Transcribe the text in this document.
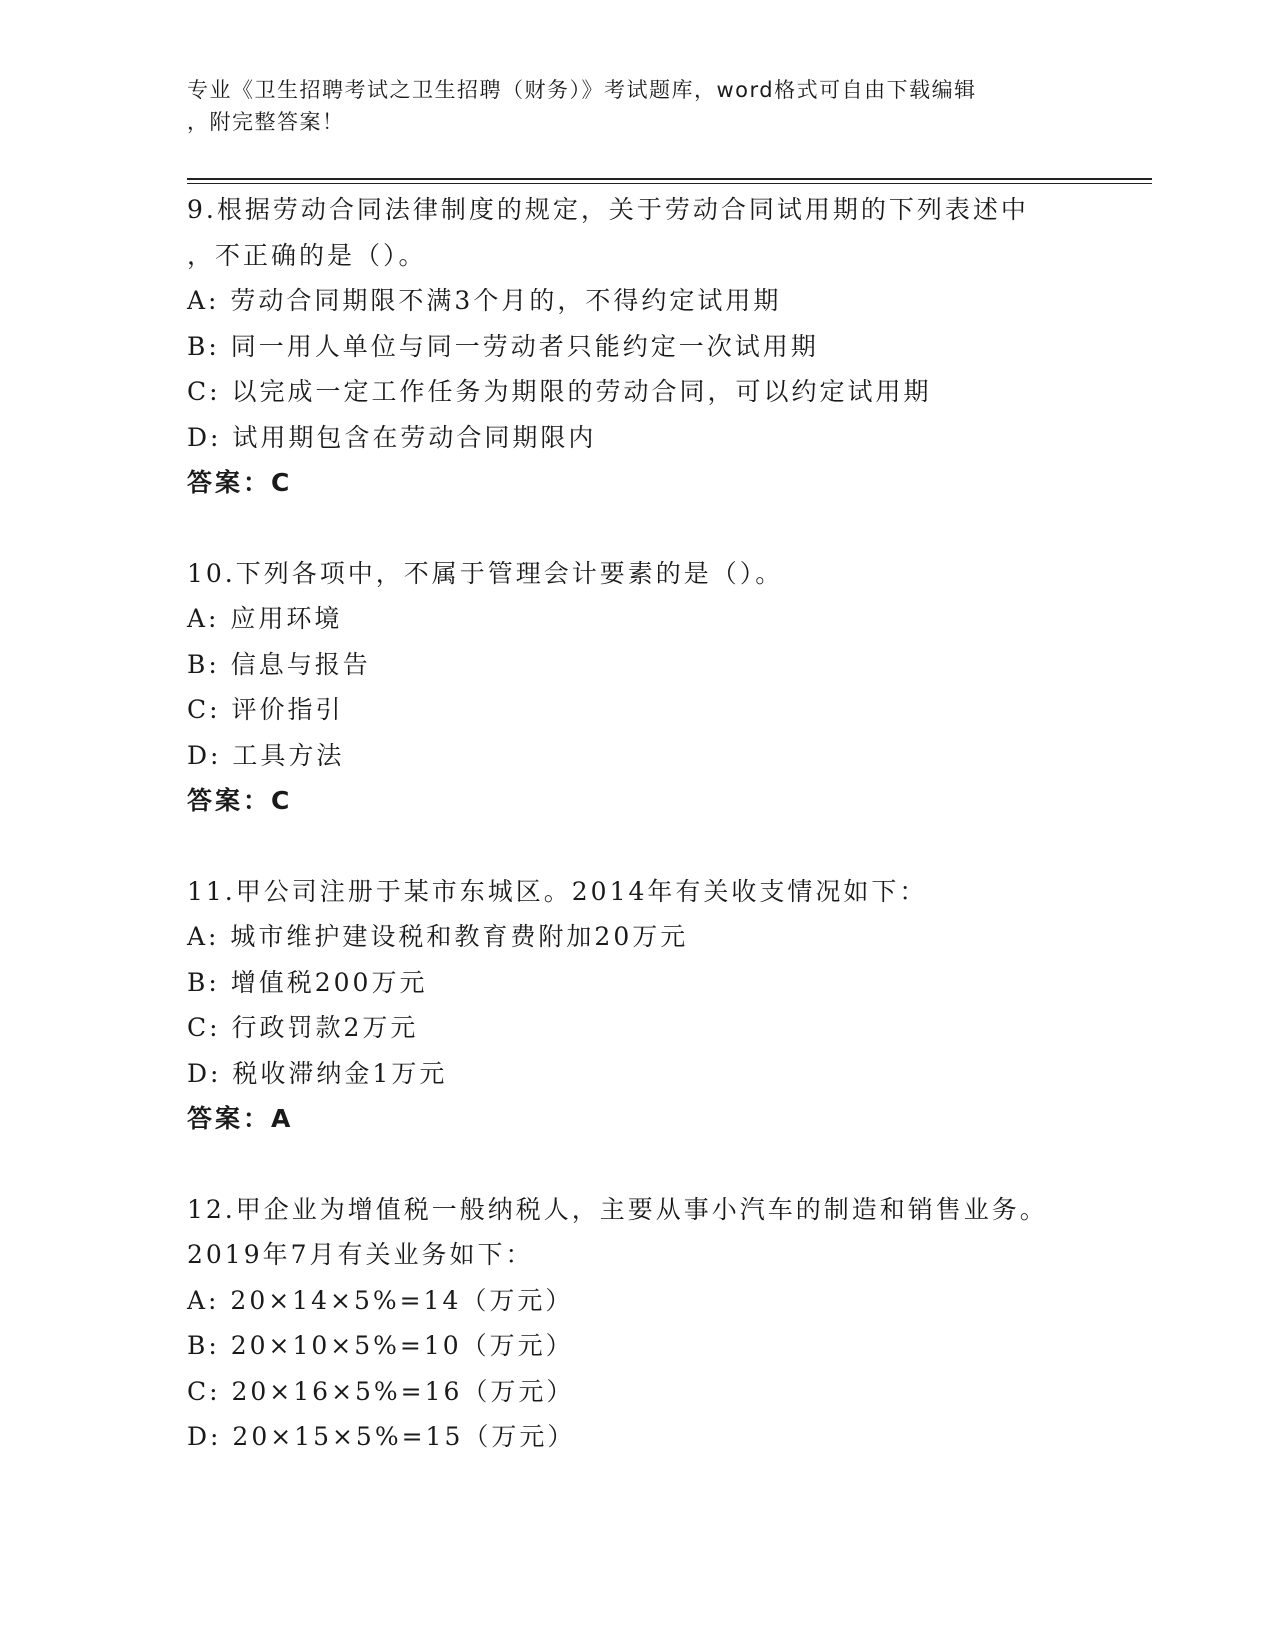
专业《卫生招聘考试之卫生招聘（财务）》考试题库，word格式可自由下载编辑
，附完整答案！
9.根据劳动合同法律制度的规定，关于劳动合同试用期的下列表述中
，不正确的是（）。
A: 劳动合同期限不满3个月的，不得约定试用期
B: 同一用人单位与同一劳动者只能约定一次试用期
C: 以完成一定工作任务为期限的劳动合同，可以约定试用期
D: 试用期包含在劳动合同期限内
答案：C
10.下列各项中，不属于管理会计要素的是（）。
A: 应用环境
B: 信息与报告
C: 评价指引
D: 工具方法
答案：C
11.甲公司注册于某市东城区。2014年有关收支情况如下：
A: 城市维护建设税和教育费附加20万元
B: 增值税200万元
C: 行政罚款2万元
D: 税收滞纳金1万元
答案：A
12.甲企业为增值税一般纳税人，主要从事小汽车的制造和销售业务。
2019年7月有关业务如下：
A: 20×14×5%=14（万元）
B: 20×10×5%=10（万元）
C: 20×16×5%=16（万元）
D: 20×15×5%=15（万元）
